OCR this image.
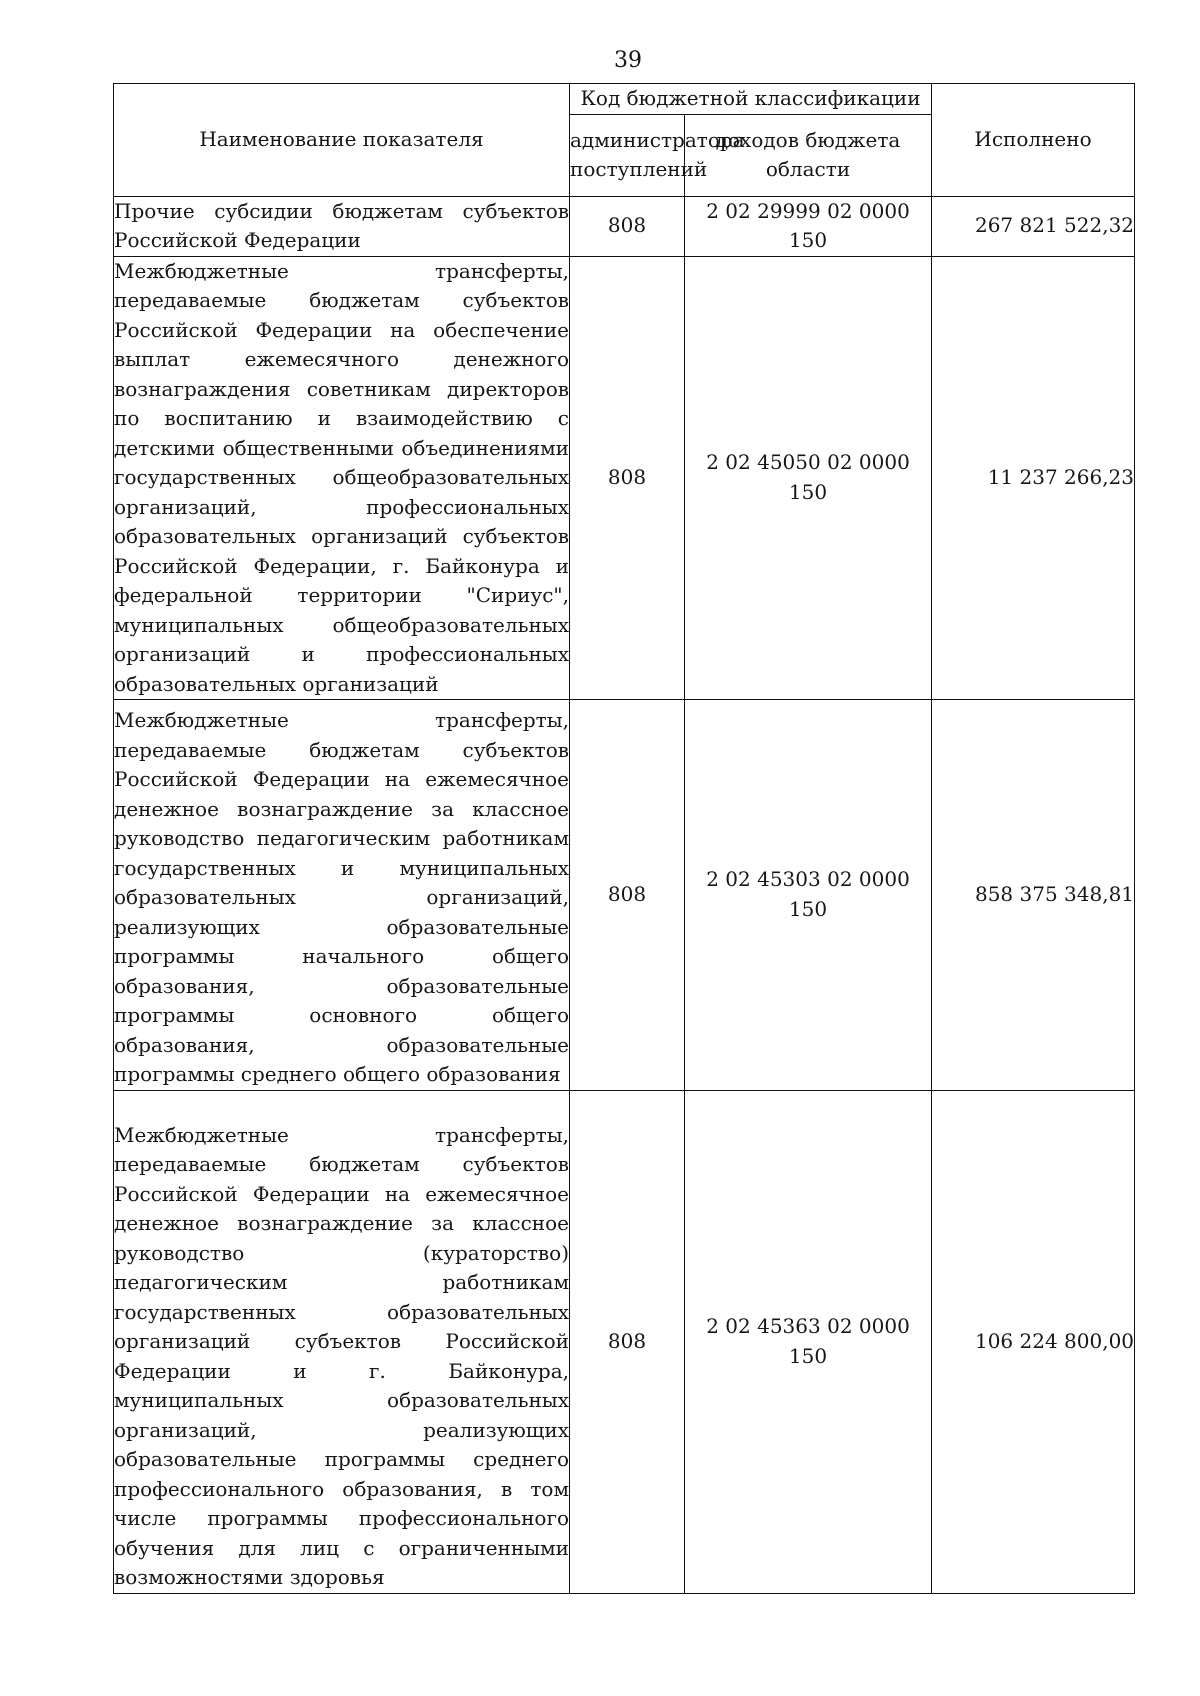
39
Наименование показателя	Код бюджетной классификации		Исполнено
	администратора поступлений	доходов бюджета области	
Прочие субсидии бюджетам субъектов Российской Федерации	808	2 02 29999 02 0000 150	267 821 522,32
Межбюджетные трансферты, передаваемые бюджетам субъектов Российской Федерации на обеспечение выплат ежемесячного денежного вознаграждения советникам директоров по воспитанию и взаимодействию с детскими общественными объединениями государственных общеобразовательных организаций, профессиональных образовательных организаций субъектов Российской Федерации, г. Байконура и федеральной территории "Сириус", муниципальных общеобразовательных организаций и профессиональных образовательных организаций	808	2 02 45050 02 0000 150	11 237 266,23
Межбюджетные трансферты, передаваемые бюджетам субъектов Российской Федерации на ежемесячное денежное вознаграждение за классное руководство педагогическим работникам государственных и муниципальных образовательных организаций, реализующих образовательные программы начального общего образования, образовательные программы основного общего образования, образовательные программы среднего общего образования	808	2 02 45303 02 0000 150	858 375 348,81
Межбюджетные трансферты, передаваемые бюджетам субъектов Российской Федерации на ежемесячное денежное вознаграждение за классное руководство (кураторство) педагогическим работникам государственных образовательных организаций субъектов Российской Федерации и г. Байконура, муниципальных образовательных организаций, реализующих образовательные программы среднего профессионального образования, в том числе программы профессионального обучения для лиц с ограниченными возможностями здоровья	808	2 02 45363 02 0000 150	106 224 800,00
